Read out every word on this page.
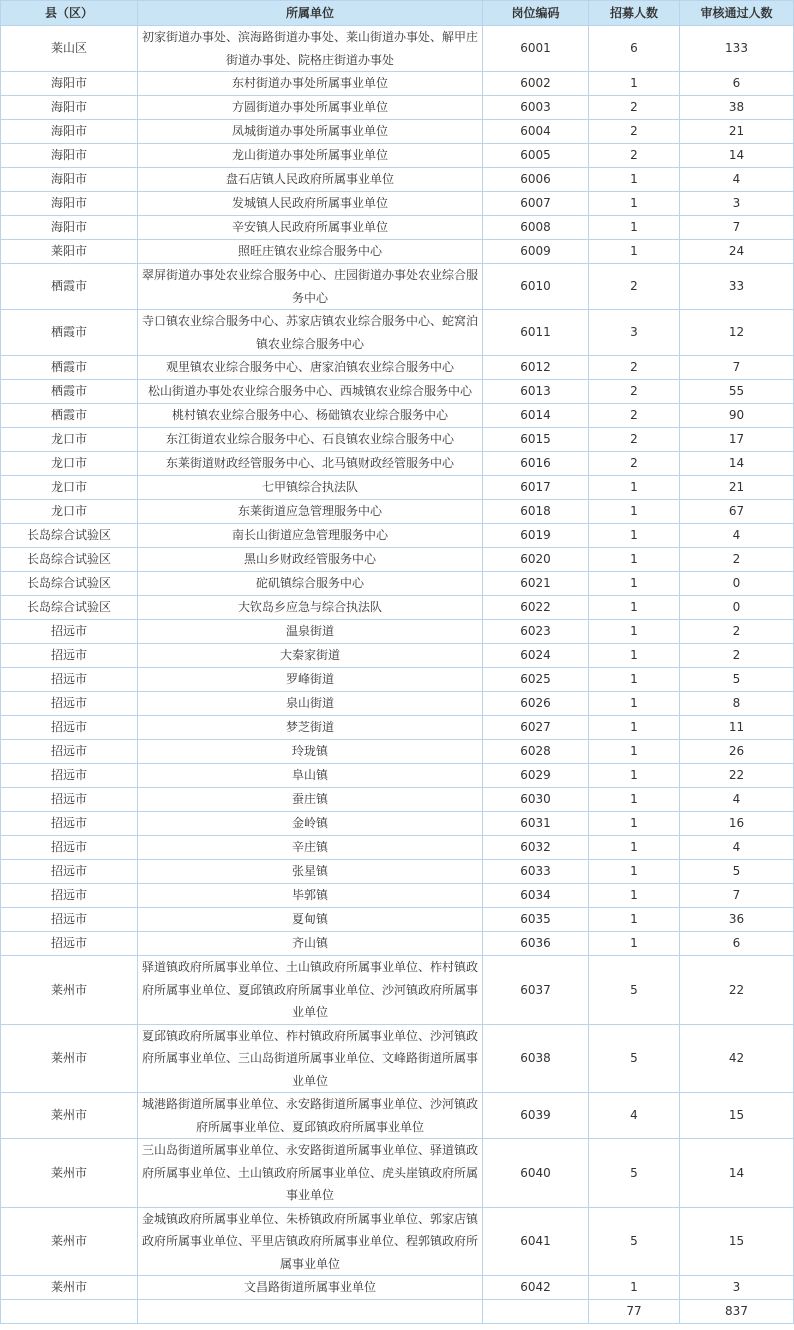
县（区）	所属单位	岗位编码	招募人数	审核通过人数
莱山区	初家街道办事处、滨海路街道办事处、莱山街道办事处、解甲庄街道办事处、院格庄街道办事处	6001	6	133
海阳市	东村街道办事处所属事业单位	6002	1	6
海阳市	方圆街道办事处所属事业单位	6003	2	38
海阳市	凤城街道办事处所属事业单位	6004	2	21
海阳市	龙山街道办事处所属事业单位	6005	2	14
海阳市	盘石店镇人民政府所属事业单位	6006	1	4
海阳市	发城镇人民政府所属事业单位	6007	1	3
海阳市	辛安镇人民政府所属事业单位	6008	1	7
莱阳市	照旺庄镇农业综合服务中心	6009	1	24
栖霞市	翠屏街道办事处农业综合服务中心、庄园街道办事处农业综合服务中心	6010	2	33
栖霞市	寺口镇农业综合服务中心、苏家店镇农业综合服务中心、蛇窝泊镇农业综合服务中心	6011	3	12
栖霞市	观里镇农业综合服务中心、唐家泊镇农业综合服务中心	6012	2	7
栖霞市	松山街道办事处农业综合服务中心、西城镇农业综合服务中心	6013	2	55
栖霞市	桃村镇农业综合服务中心、杨础镇农业综合服务中心	6014	2	90
龙口市	东江街道农业综合服务中心、石良镇农业综合服务中心	6015	2	17
龙口市	东莱街道财政经管服务中心、北马镇财政经管服务中心	6016	2	14
龙口市	七甲镇综合执法队	6017	1	21
龙口市	东莱街道应急管理服务中心	6018	1	67
长岛综合试验区	南长山街道应急管理服务中心	6019	1	4
长岛综合试验区	黑山乡财政经管服务中心	6020	1	2
长岛综合试验区	砣矶镇综合服务中心	6021	1	0
长岛综合试验区	大钦岛乡应急与综合执法队	6022	1	0
招远市	温泉街道	6023	1	2
招远市	大秦家街道	6024	1	2
招远市	罗峰街道	6025	1	5
招远市	泉山街道	6026	1	8
招远市	梦芝街道	6027	1	11
招远市	玲珑镇	6028	1	26
招远市	阜山镇	6029	1	22
招远市	蚕庄镇	6030	1	4
招远市	金岭镇	6031	1	16
招远市	辛庄镇	6032	1	4
招远市	张星镇	6033	1	5
招远市	毕郭镇	6034	1	7
招远市	夏甸镇	6035	1	36
招远市	齐山镇	6036	1	6
莱州市	驿道镇政府所属事业单位、土山镇政府所属事业单位、柞村镇政府所属事业单位、夏邱镇政府所属事业单位、沙河镇政府所属事业单位	6037	5	22
莱州市	夏邱镇政府所属事业单位、柞村镇政府所属事业单位、沙河镇政府所属事业单位、三山岛街道所属事业单位、文峰路街道所属事业单位	6038	5	42
莱州市	城港路街道所属事业单位、永安路街道所属事业单位、沙河镇政府所属事业单位、夏邱镇政府所属事业单位	6039	4	15
莱州市	三山岛街道所属事业单位、永安路街道所属事业单位、驿道镇政府所属事业单位、土山镇政府所属事业单位、虎头崖镇政府所属事业单位	6040	5	14
莱州市	金城镇政府所属事业单位、朱桥镇政府所属事业单位、郭家店镇政府所属事业单位、平里店镇政府所属事业单位、程郭镇政府所属事业单位	6041	5	15
莱州市	文昌路街道所属事业单位	6042	1	3
			77	837
